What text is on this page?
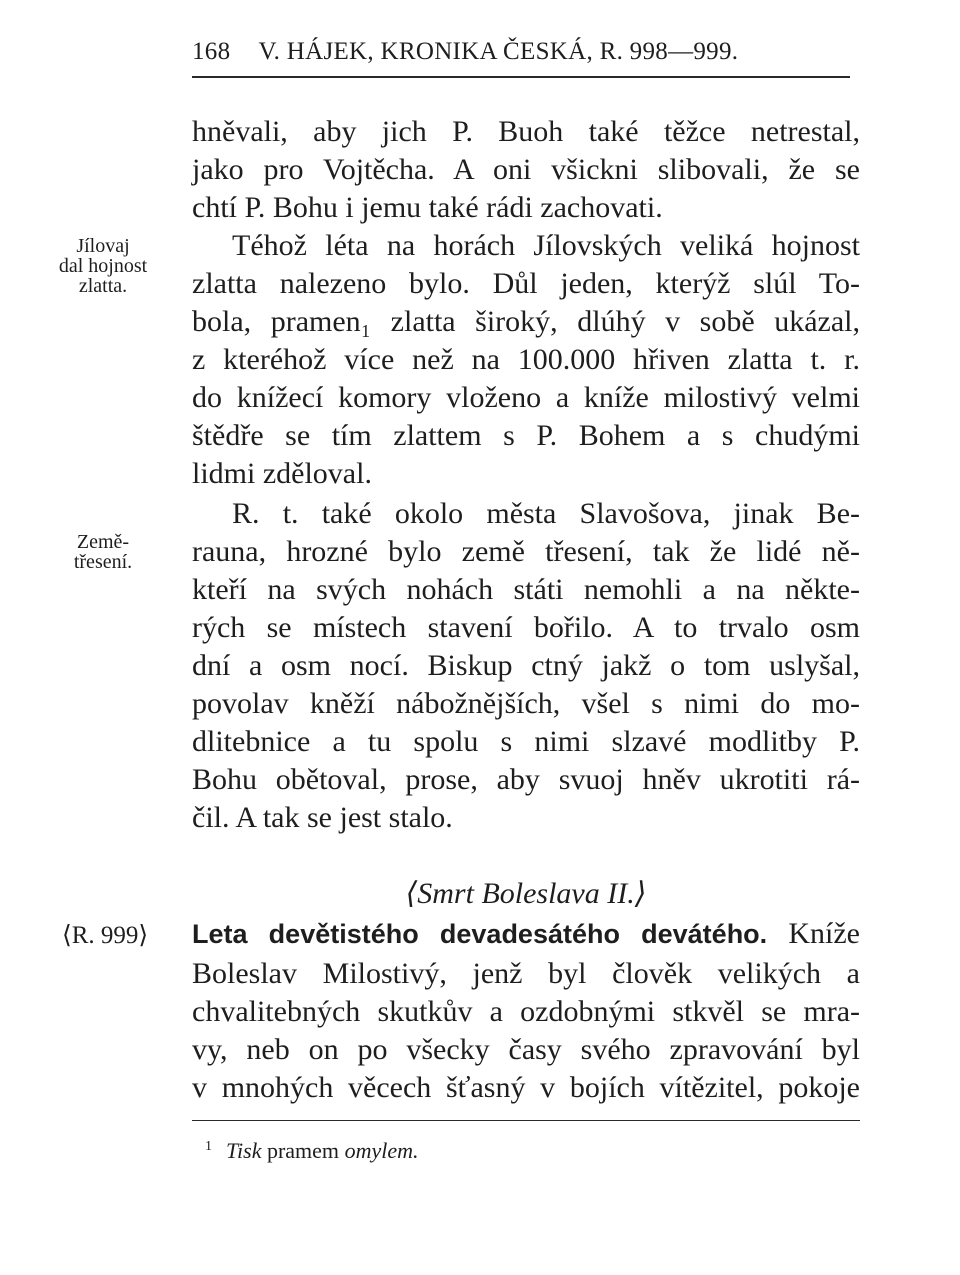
168 V. HÁJEK, KRONIKA ČESKÁ, R. 998—999.
Jílovaj
dal hojnost
zlatta.
Země-
třesení.
hněvali, aby jich P. Buoh také těžce netrestal,
jako pro Vojtěcha. A oni všickni slibovali, že se
chtí P. Bohu i jemu také rádi zachovati.
Téhož léta na horách Jílovských veliká hojnost
zlatta nalezeno bylo. Důl jeden, kterýž slúl To-
bola, pramen₁ zlatta široký, dlúhý v sobě ukázal,
z kteréhož více než na 100.000 hřiven zlatta t. r.
do knížecí komory vloženo a kníže milostivý velmi
štědře se tím zlattem s P. Bohem a s chudými
lidmi zděloval.
R. t. také okolo města Slavošova, jinak Be-
rauna, hrozné bylo země třesení, tak že lidé ně-
kteří na svých nohách státi nemohli a na někte-
rých se místech stavení bořilo. A to trvalo osm
dní a osm nocí. Biskup ctný jakž o tom uslyšal,
povolav kněží nábožnějších, všel s nimi do mo-
dlitebnice a tu spolu s nimi slzavé modlitby P.
Bohu obětoval, prose, aby svuoj hněv ukrotiti rá-
čil. A tak se jest stalo.
⟨Smrt Boleslava II.⟩
⟨R. 999⟩ Leta devětistého devadesátého devátého. Kníže
Boleslav Milostivý, jenž byl člověk velikých a
chvalitebných skutkův a ozdobnými stkvěl se mra-
vy, neb on po všecky časy svého zpravování byl
v mnohých věcech šťasný v bojích vítězitel, pokoje
$^1$ Tisk pramem omylem.
